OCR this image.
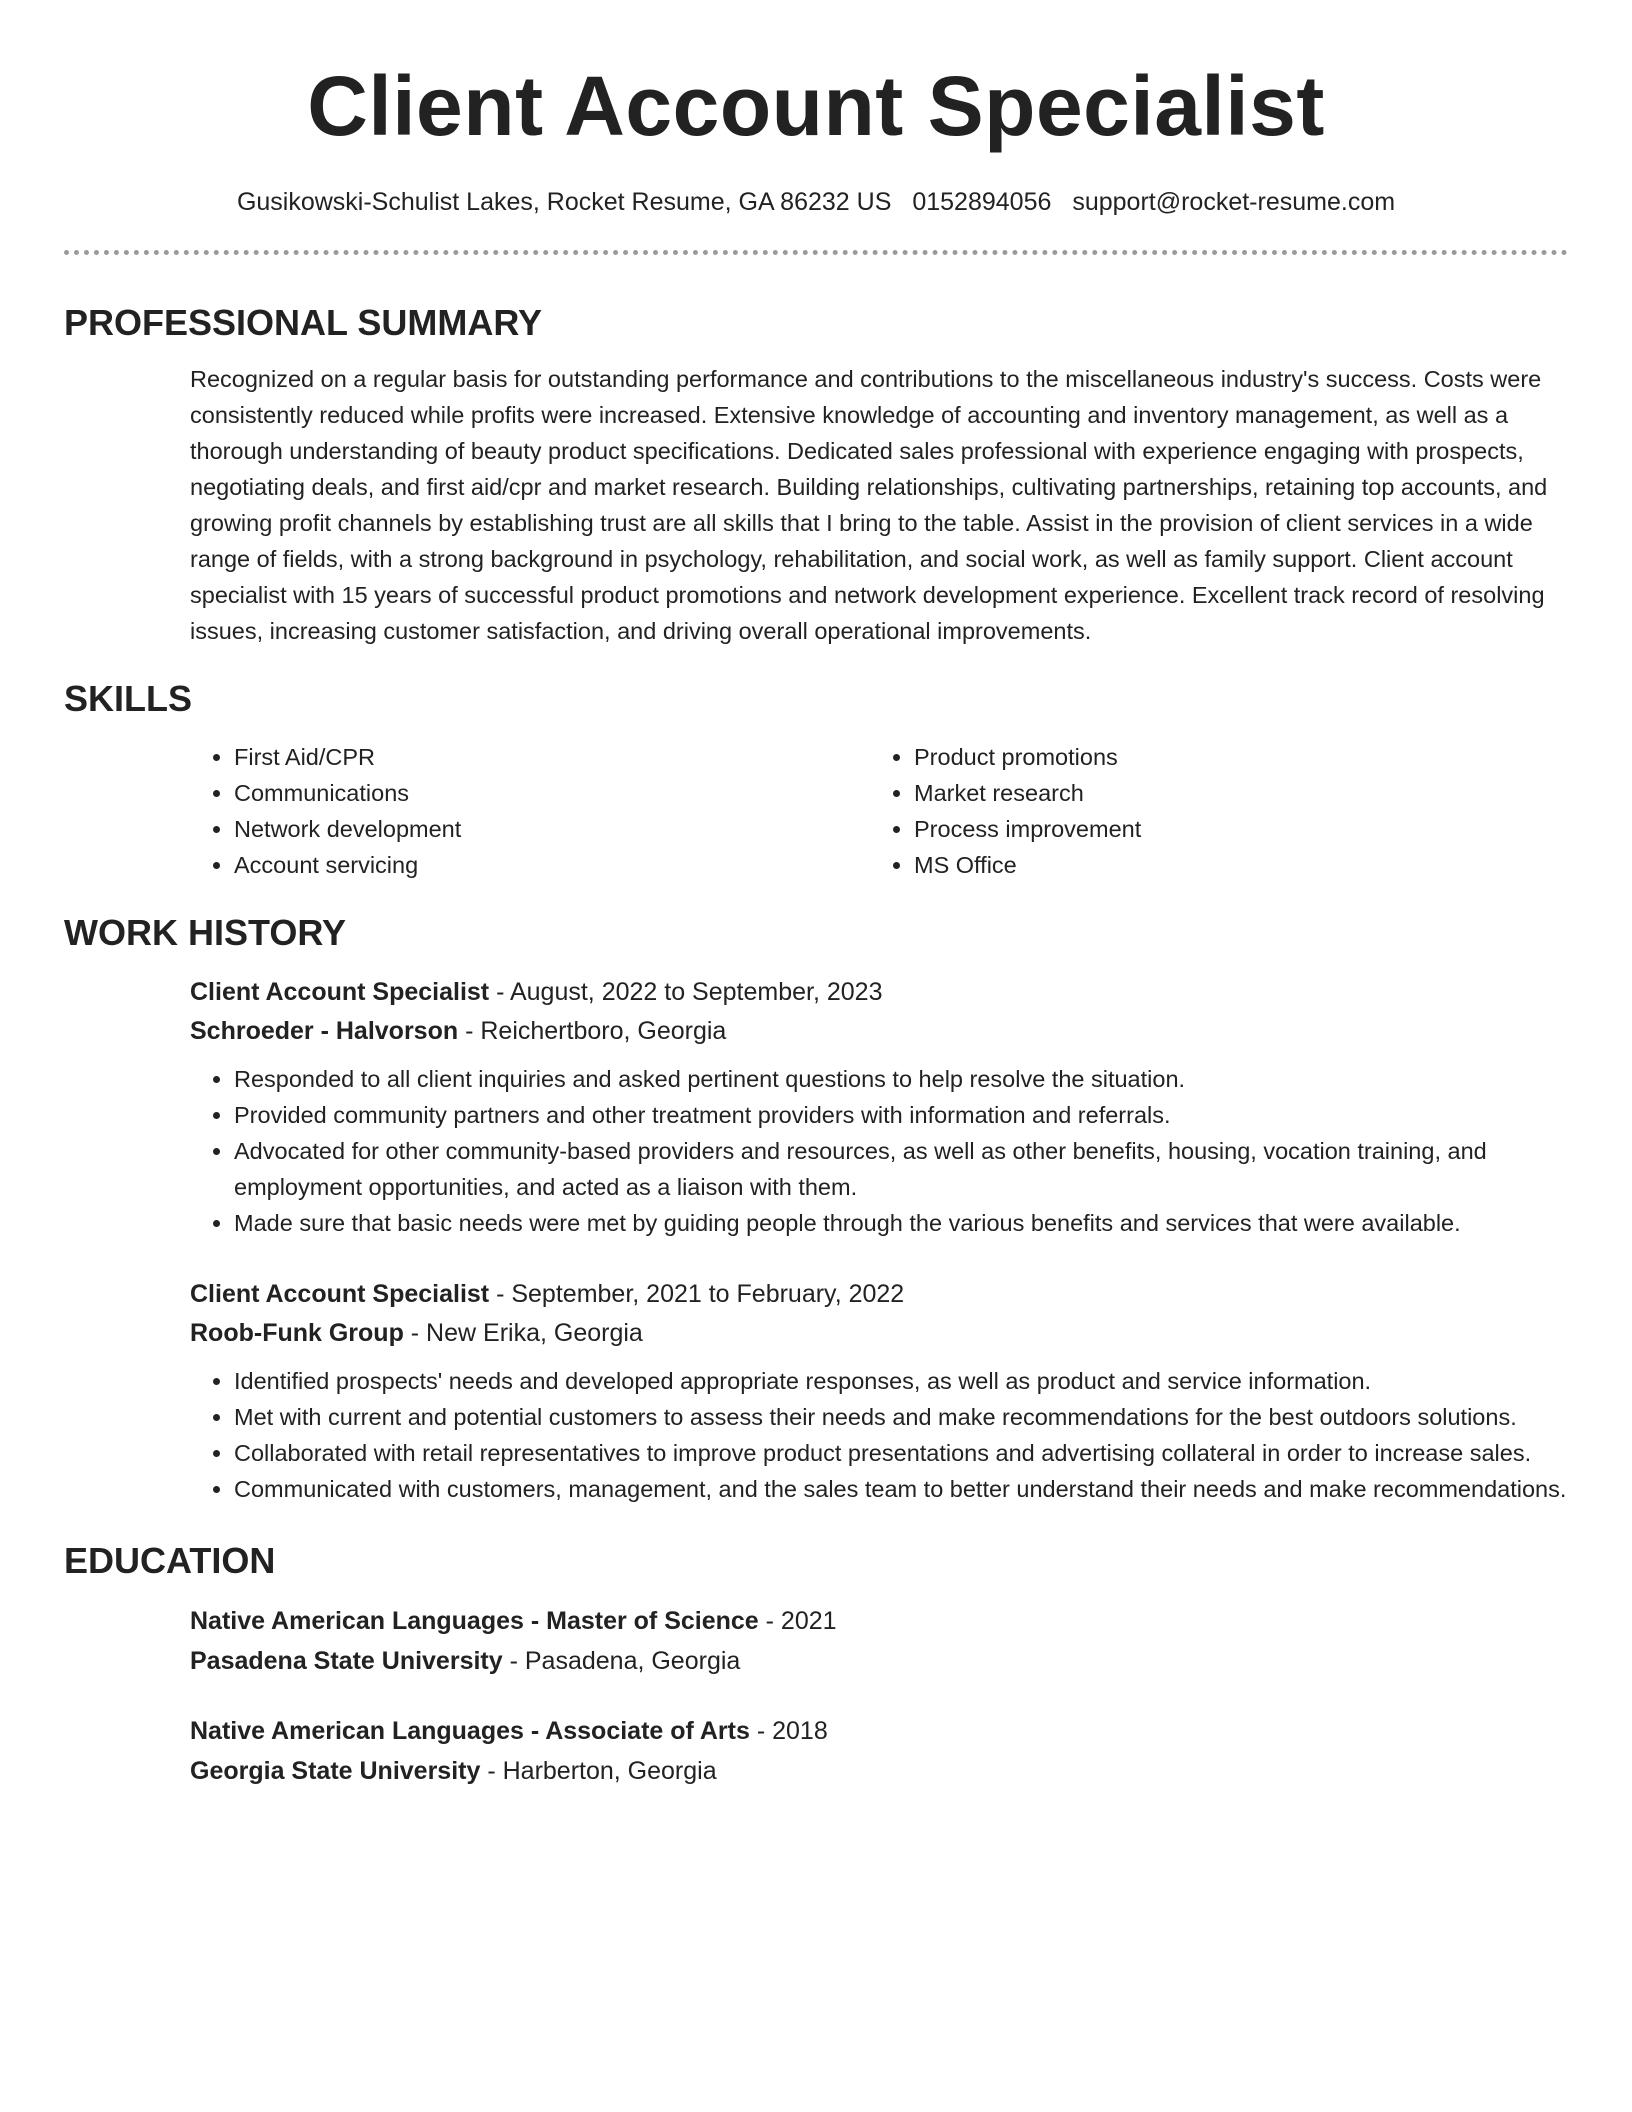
Client Account Specialist
Gusikowski-Schulist Lakes, Rocket Resume, GA 86232 US 0152894056 support@rocket-resume.com
PROFESSIONAL SUMMARY
Recognized on a regular basis for outstanding performance and contributions to the miscellaneous industry's success. Costs were consistently reduced while profits were increased. Extensive knowledge of accounting and inventory management, as well as a thorough understanding of beauty product specifications. Dedicated sales professional with experience engaging with prospects, negotiating deals, and first aid/cpr and market research. Building relationships, cultivating partnerships, retaining top accounts, and growing profit channels by establishing trust are all skills that I bring to the table. Assist in the provision of client services in a wide range of fields, with a strong background in psychology, rehabilitation, and social work, as well as family support. Client account specialist with 15 years of successful product promotions and network development experience. Excellent track record of resolving issues, increasing customer satisfaction, and driving overall operational improvements.
SKILLS
• First Aid/CPR
• Communications
• Network development
• Account servicing
• Product promotions
• Market research
• Process improvement
• MS Office
WORK HISTORY
Client Account Specialist - August, 2022 to September, 2023
Schroeder - Halvorson - Reichertboro, Georgia
• Responded to all client inquiries and asked pertinent questions to help resolve the situation.
• Provided community partners and other treatment providers with information and referrals.
• Advocated for other community-based providers and resources, as well as other benefits, housing, vocation training, and employment opportunities, and acted as a liaison with them.
• Made sure that basic needs were met by guiding people through the various benefits and services that were available.
Client Account Specialist - September, 2021 to February, 2022
Roob-Funk Group - New Erika, Georgia
• Identified prospects' needs and developed appropriate responses, as well as product and service information.
• Met with current and potential customers to assess their needs and make recommendations for the best outdoors solutions.
• Collaborated with retail representatives to improve product presentations and advertising collateral in order to increase sales.
• Communicated with customers, management, and the sales team to better understand their needs and make recommendations.
EDUCATION
Native American Languages - Master of Science - 2021
Pasadena State University - Pasadena, Georgia
Native American Languages - Associate of Arts - 2018
Georgia State University - Harberton, Georgia
